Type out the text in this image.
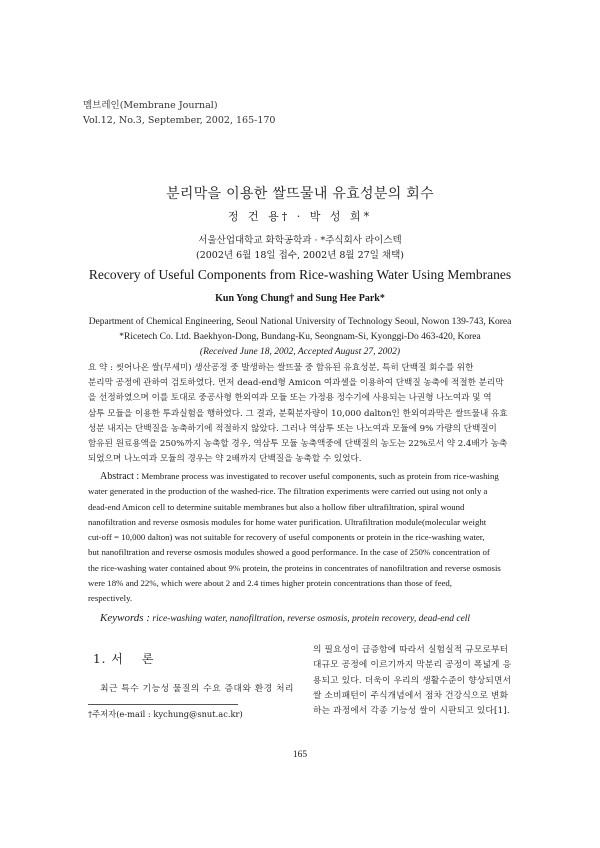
멤브레인(Membrane Journal)
Vol.12, No.3, September, 2002, 165-170
분리막을 이용한 쌀뜨물내 유효성분의 회수
정 건 용† · 박 성 희*
서울산업대학교 화학공학과 · *주식회사 라이스텍
(2002년 6월 18일 접수, 2002년 8월 27일 채택)
Recovery of Useful Components from Rice-washing Water Using Membranes
Kun Yong Chung† and Sung Hee Park*
Department of Chemical Engineering, Seoul National University of Technology Seoul, Nowon 139-743, Korea
*Ricetech Co. Ltd. Baekhyon-Dong, Bundang-Ku, Seongnam-Si, Kyonggi-Do 463-420, Korea
(Received June 18, 2002, Accepted August 27, 2002)
요 약 : 씻어나온 쌀(무세미) 생산공정 중 발생하는 쌀뜨물 중 함유된 유효성분, 특히 단백질 회수를 위한
분리막 공정에 관하여 검토하였다. 먼저 dead-end형 Amicon 여과셀을 이용하여 단백질 농축에 적절한 분리막
을 선정하였으며 이를 토대로 중공사형 한외여과 모듈 또는 가정용 정수기에 사용되는 나권형 나노여과 및 역
삼투 모듈을 이용한 투과실험을 행하였다. 그 결과, 분획분자량이 10,000 dalton인 한외여과막은 쌀뜨물내 유효
성분 내지는 단백질을 농축하기에 적절하지 않았다. 그러나 역삼투 또는 나노여과 모듈에 9% 가량의 단백질이
함유된 원료용액을 250%까지 농축할 경우, 역삼투 모듈 농축액중에 단백질의 농도는 22%로서 약 2.4배가 농축
되었으며 나노여과 모듈의 경우는 약 2배까지 단백질을 농축할 수 있었다.
Abstract : Membrane process was investigated to recover useful components, such as protein from rice-washing
water generated in the production of the washed-rice. The filtration experiments were carried out using not only a
dead-end Amicon cell to determine suitable membranes but also a hollow fiber ultrafiltration, spiral wound
nanofiltration and reverse osmosis modules for home water purification. Ultrafiltration module(molecular weight
cut-off = 10,000 dalton) was not suitable for recovery of useful components or protein in the rice-washing water,
but nanofiltration and reverse osmosis modules showed a good performance. In the case of 250% concentration of
the rice-washing water contained about 9% protein, the proteins in concentrates of nanofiltration and reverse osmosis
were 18% and 22%, which were about 2 and 2.4 times higher protein concentrations than those of feed,
respectively.
Keywords : rice-washing water, nanofiltration, reverse osmosis, protein recovery, dead-end cell
1. 서 론
최근 특수 기능성 물질의 수요 증대와 환경 처리
†주저자(e-mail : kychung@snut.ac.kr)
의 필요성이 급증함에 따라서 실험실적 규모로부터
대규모 공정에 이르기까지 막분리 공정이 폭넓게 응
용되고 있다. 더욱이 우리의 생활수준이 향상되면서
쌀 소비패턴이 주식개념에서 점차 건강식으로 변화
하는 과정에서 각종 기능성 쌀이 시판되고 있다[1].
165
